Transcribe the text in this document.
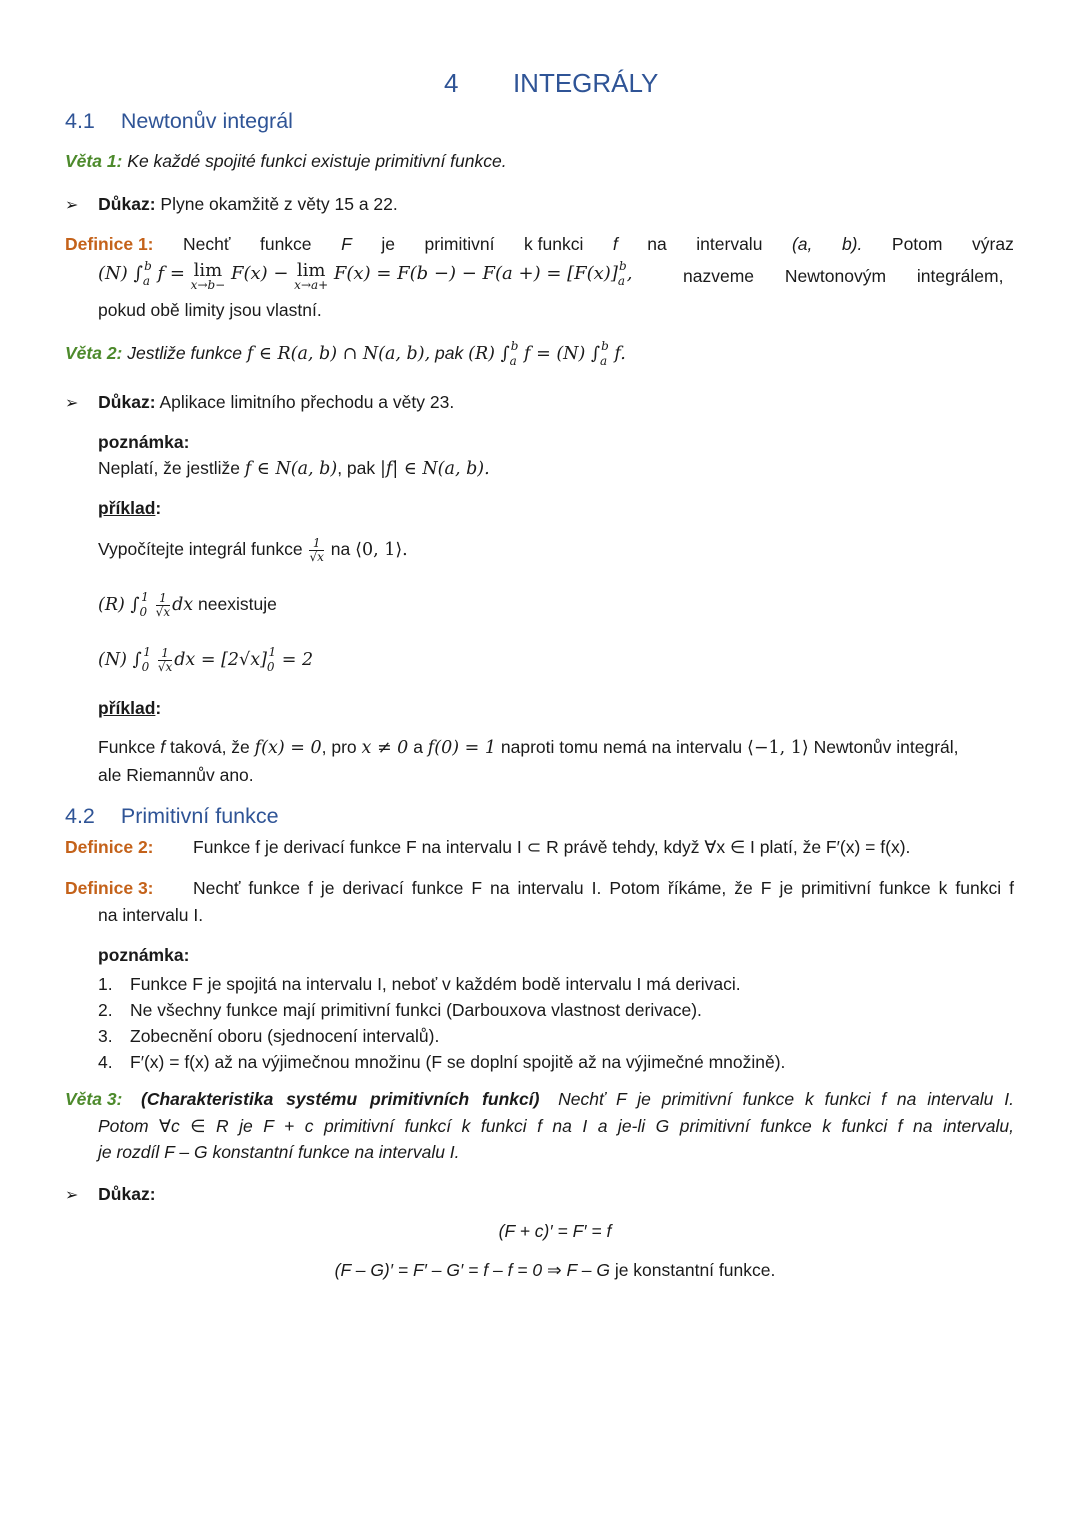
4 INTEGRÁLY
4.1 Newtonův integrál
Věta 1: Ke každé spojité funkci existuje primitivní funkce.
➢ Důkaz: Plyne okamžitě z věty 15 a 22.
Definice 1: Nechť funkce F je primitivní k funkci f na intervalu (a, b). Potom výraz
(N) $\int_a^b$ f = lim
x→b−
F(x) − lim
x→a+
F(x) = F(b −) − F(a +) = $[F(x)]_a^b$,	nazveme Newtonovým integrálem,
pokud obě limity jsou vlastní.
Věta 2: Jestliže funkce f ∈ R(a, b) ∩ N(a, b), pak (R) $\int_a^b$ f = (N) $\int_a^b$ f.
➢ Důkaz: Aplikace limitního přechodu a věty 23.
poznámka:
Neplatí, že jestliže f ∈ N(a, b), pak |f| ∈ N(a, b).
příklad:
Vypočítejte integrál funkce $\frac{1}{√x}$ na ⟨0, 1⟩.
(R) $\int_0^1 \frac{1}{√x}$ dx neexistuje
(N) $\int_0^1 \frac{1}{√x}$ dx = $[2√x]_0^1 = 2$
příklad:
Funkce f taková, že f(x) = 0, pro x ≠ 0 a f(0) = 1 naproti tomu nemá na intervalu ⟨−1, 1⟩ Newtonův integrál,
ale Riemannův ano.
4.2 Primitivní funkce
Definice 2: Funkce f je derivací funkce F na intervalu I ⊂ R právě tehdy, když ∀x ∈ I platí, že F′(x) = f(x).
Definice 3: Nechť funkce f je derivací funkce F na intervalu I. Potom říkáme, že F je primitivní funkce k funkci f
na intervalu I.
poznámka:
1. Funkce F je spojitá na intervalu I, neboť v každém bodě intervalu I má derivaci.
2. Ne všechny funkce mají primitivní funkci (Darbouxova vlastnost derivace).
3. Zobecnění oboru (sjednocení intervalů).
4. F′(x) = f(x) až na výjimečnou množinu (F se doplní spojitě až na výjimečné množině).
Věta 3: (Charakteristika systému primitivních funkcí) Nechť F je primitivní funkce k funkci f na intervalu I.
Potom ∀c ∈ R je F + c primitivní funkcí k funkci f na I a je-li G primitivní funkce k funkci f na intervalu,
je rozdíl F – G konstantní funkce na intervalu I.
➢ Důkaz:
(F + c)′ = F′ = f
(F – G)′ = F′ – G′ = f – f = 0 ⇒ F – G je konstantní funkce.
